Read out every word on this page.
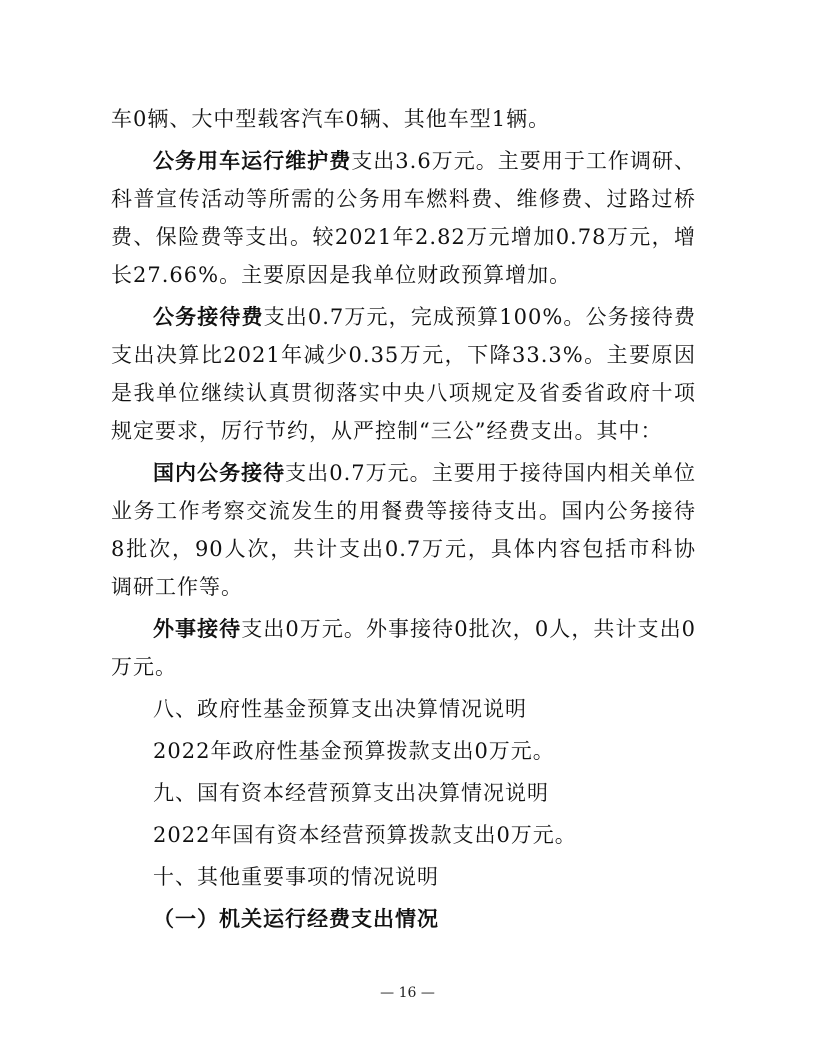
车0辆、大中型载客汽车0辆、其他车型1辆。

公务用车运行维护费支出3.6万元。主要用于工作调研、科普宣传活动等所需的公务用车燃料费、维修费、过路过桥费、保险费等支出。较2021年2.82万元增加0.78万元，增长27.66%。主要原因是我单位财政预算增加。

公务接待费支出0.7万元，完成预算100%。公务接待费支出决算比2021年减少0.35万元，下降33.3%。主要原因是我单位继续认真贯彻落实中央八项规定及省委省政府十项规定要求，厉行节约，从严控制“三公”经费支出。其中：

国内公务接待支出0.7万元。主要用于接待国内相关单位业务工作考察交流发生的用餐费等接待支出。国内公务接待8批次，90人次，共计支出0.7万元，具体内容包括市科协调研工作等。

外事接待支出0万元。外事接待0批次，0人，共计支出0万元。

八、政府性基金预算支出决算情况说明

2022年政府性基金预算拨款支出0万元。

九、国有资本经营预算支出决算情况说明

2022年国有资本经营预算拨款支出0万元。

十、其他重要事项的情况说明

（一）机关运行经费支出情况

— 16 —
